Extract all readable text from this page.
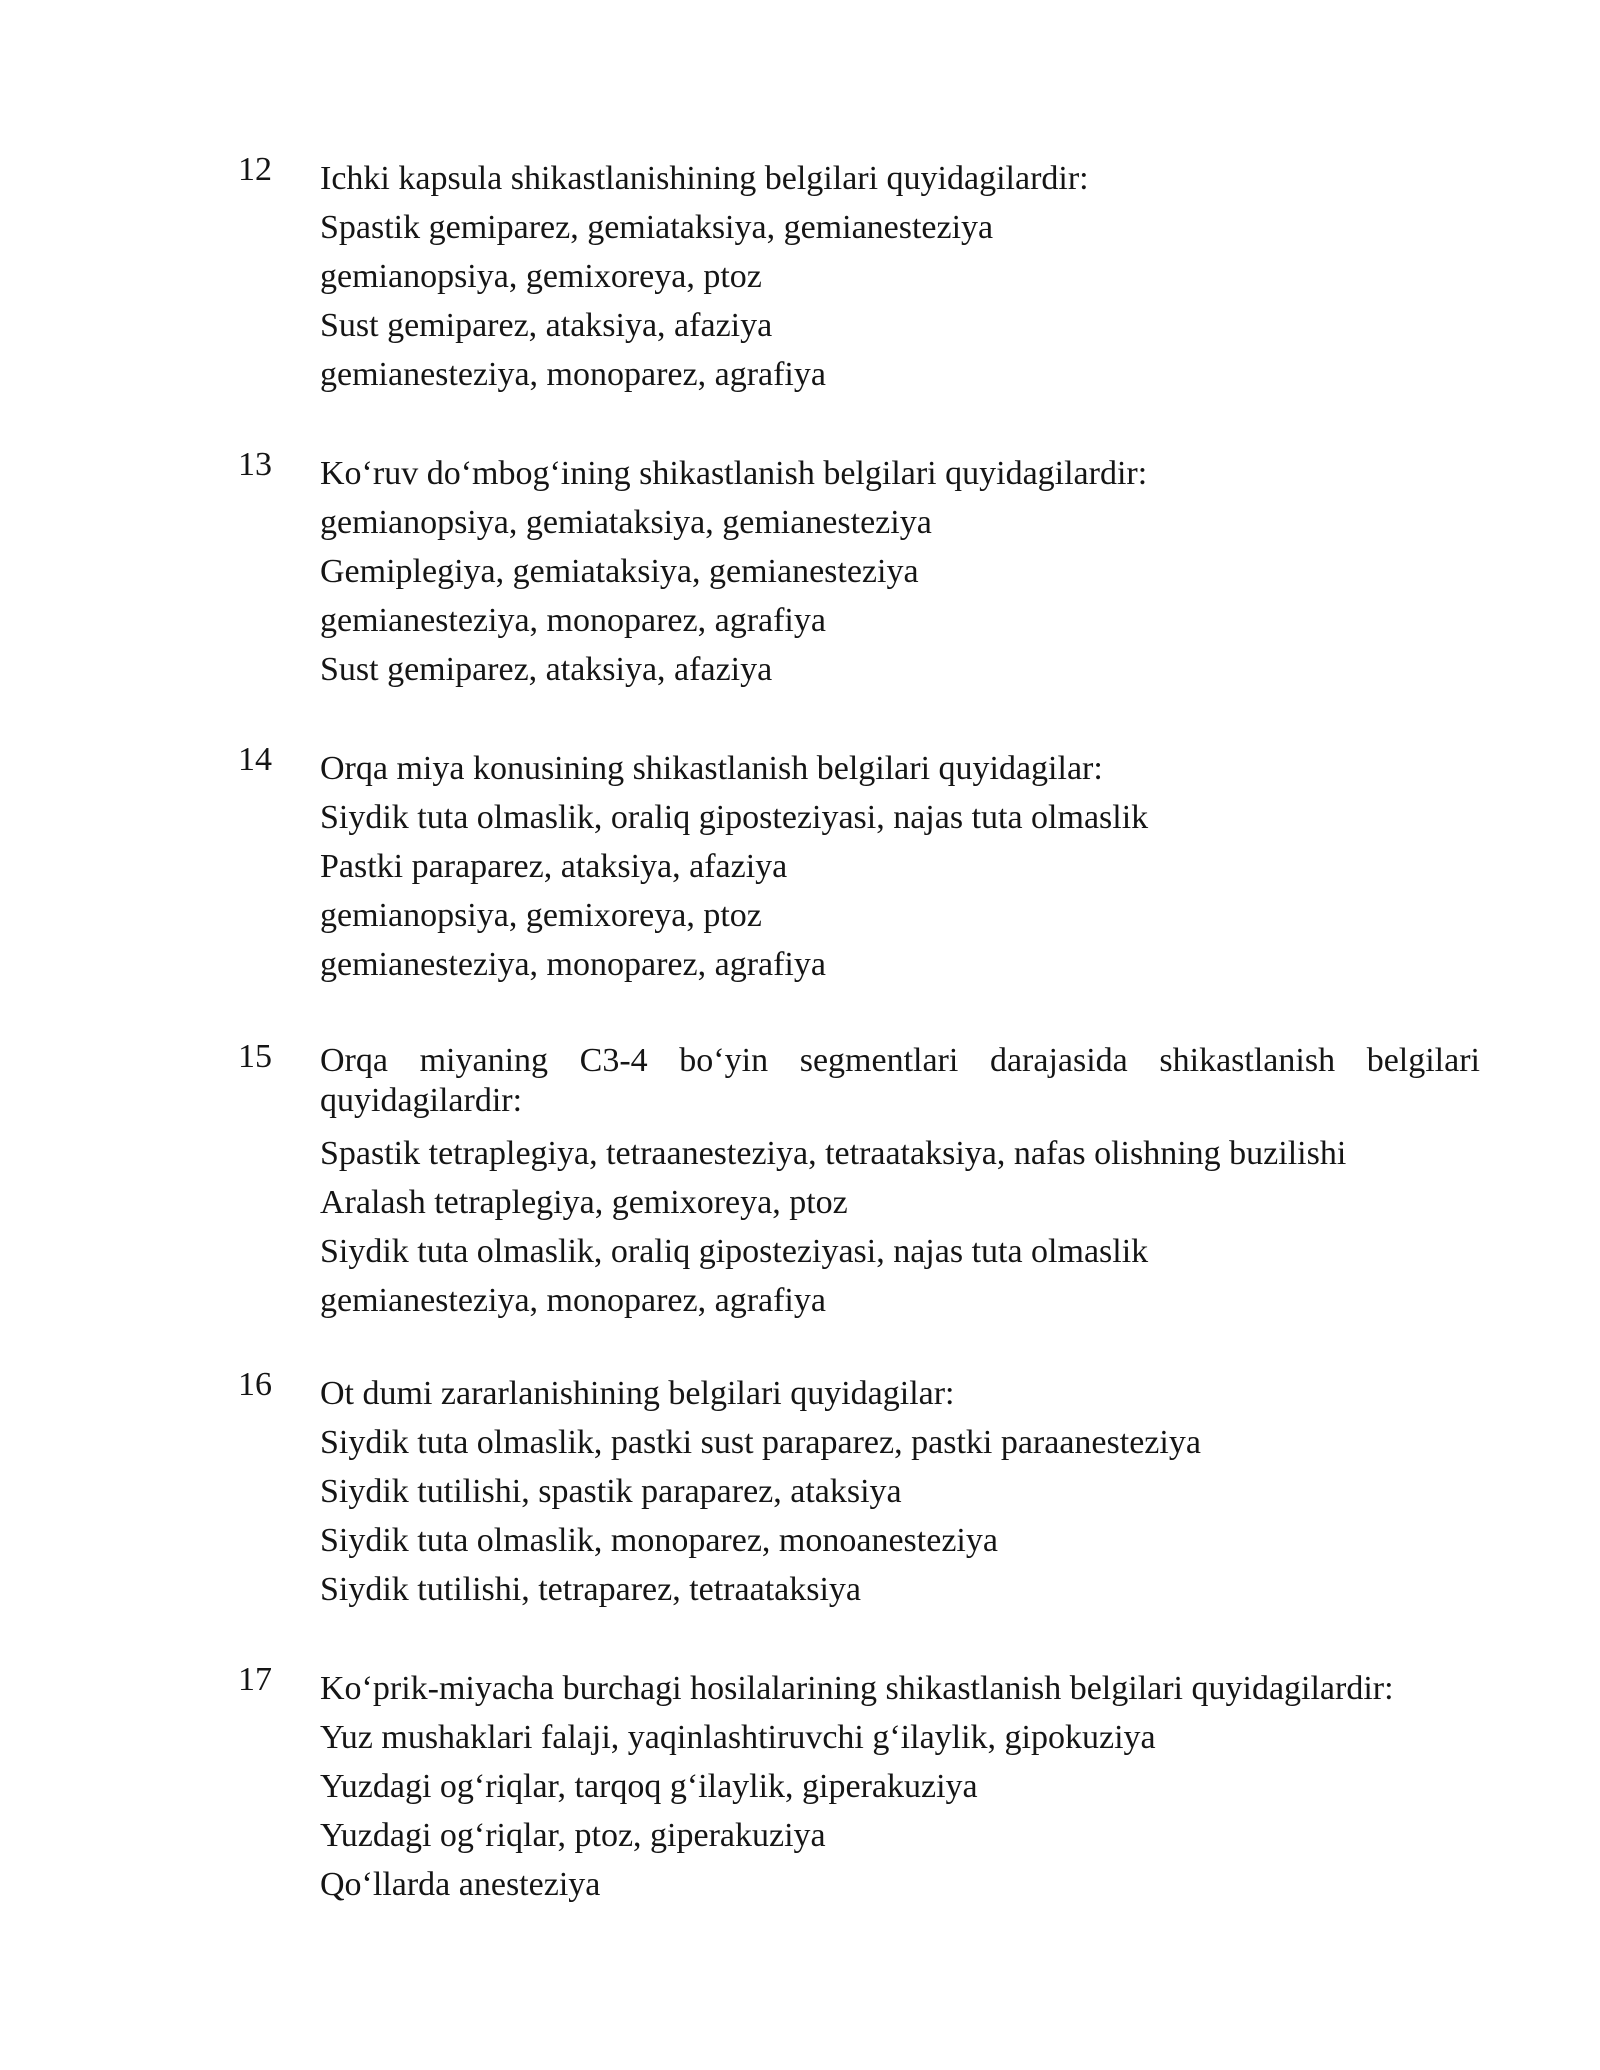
12 Ichki kapsula shikastlanishining belgilari quyidagilardir:

Spastik gemiparez, gemiataksiya, gemianesteziya

gemianopsiya, gemixoreya, ptoz

Sust gemiparez, ataksiya, afaziya

gemianesteziya, monoparez, agrafiya

13 Ko‘ruv do‘mbog‘ining shikastlanish belgilari quyidagilardir:

gemianopsiya, gemiataksiya, gemianesteziya

Gemiplegiya, gemiataksiya, gemianesteziya

gemianesteziya, monoparez, agrafiya

Sust gemiparez, ataksiya, afaziya

14 Orqa miya konusining shikastlanish belgilari quyidagilar:

Siydik tuta olmaslik, oraliq giposteziyasi, najas tuta olmaslik

Pastki paraparez, ataksiya, afaziya

gemianopsiya, gemixoreya, ptoz

gemianesteziya, monoparez, agrafiya

15 Orqa miyaning C3-4 bo‘yin segmentlari darajasida shikastlanish belgilari

quyidagilardir:

Spastik tetraplegiya, tetraanesteziya, tetraataksiya, nafas olishning buzilishi

Aralash tetraplegiya, gemixoreya, ptoz

Siydik tuta olmaslik, oraliq giposteziyasi, najas tuta olmaslik

gemianesteziya, monoparez, agrafiya

16 Ot dumi zararlanishining belgilari quyidagilar:

Siydik tuta olmaslik, pastki sust paraparez, pastki paraanesteziya

Siydik tutilishi, spastik paraparez, ataksiya

Siydik tuta olmaslik, monoparez, monoanesteziya

Siydik tutilishi, tetraparez, tetraataksiya

17 Ko‘prik-miyacha burchagi hosilalarining shikastlanish belgilari quyidagilardir:

Yuz mushaklari falaji, yaqinlashtiruvchi g‘ilaylik, gipokuziya

Yuzdagi og‘riqlar, tarqoq g‘ilaylik, giperakuziya

Yuzdagi og‘riqlar, ptoz, giperakuziya

Qo‘llarda anesteziya
